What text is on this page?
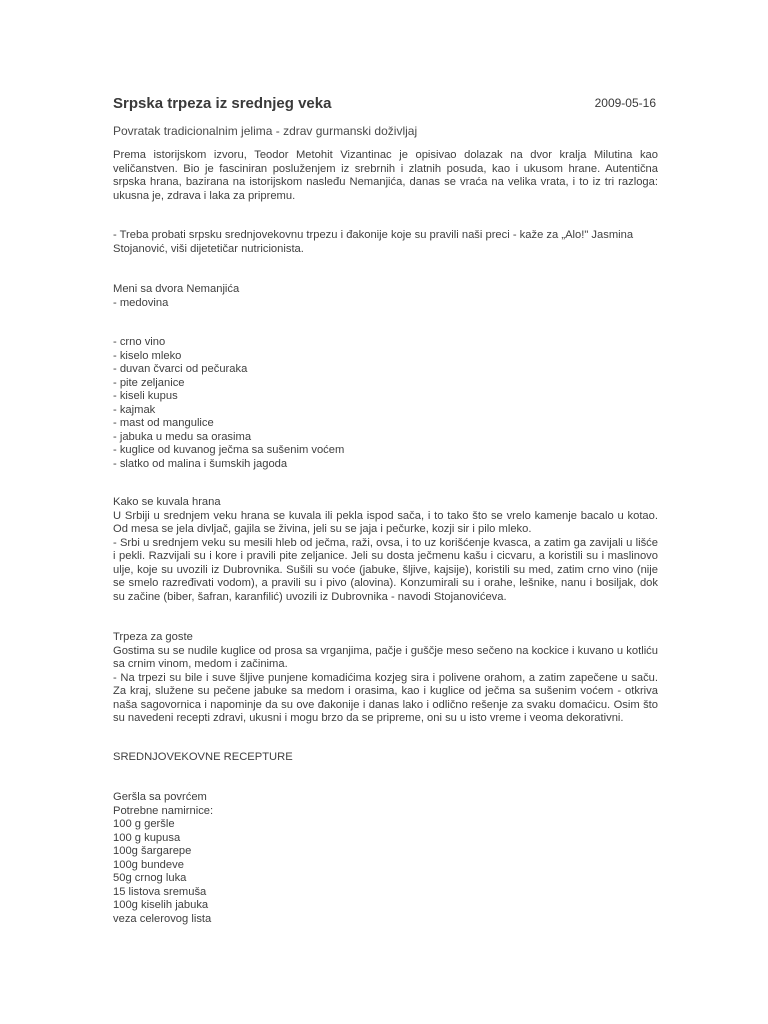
Srpska trpeza iz srednjeg veka	2009-05-16

Povratak tradicionalnim jelima - zdrav gurmanski doživljaj

Prema istorijskom izvoru, Teodor Metohit Vizantinac je opisivao dolazak na dvor kralja Milutina kao veličanstven. Bio je fasciniran posluženjem iz srebrnih i zlatnih posuda, kao i ukusom hrane. Autentična srpska hrana, bazirana na istorijskom nasleđu Nemanjića, danas se vraća na velika vrata, i to iz tri razloga: ukusna je, zdrava i laka za pripremu.

- Treba probati srpsku srednjovekovnu trpezu i đakonije koje su pravili naši preci - kaže za „Alo!" Jasmina Stojanović, viši dijetetičar nutricionista.

Meni sa dvora Nemanjića
- medovina
- crno vino
- kiselo mleko
- duvan čvarci od pečuraka
- pite zeljanice
- kiseli kupus
- kajmak
- mast od mangulice
- jabuka u medu sa orasima
- kuglice od kuvanog ječma sa sušenim voćem
- slatko od malina i šumskih jagoda
Kako se kuvala hrana
U Srbiji u srednjem veku hrana se kuvala ili pekla ispod sača, i to tako što se vrelo kamenje bacalo u kotao. Od mesa se jela divljač, gajila se živina, jeli su se jaja i pečurke, kozji sir i pilo mleko.
- Srbi u srednjem veku su mesili hleb od ječma, raži, ovsa, i to uz korišćenje kvasca, a zatim ga zavijali u lišće i pekli. Razvijali su i kore i pravili pite zeljanice. Jeli su dosta ječmenu kašu i cicvaru, a koristili su i maslinovo ulje, koje su uvozili iz Dubrovnika. Sušili su voće (jabuke, šljive, kajsije), koristili su med, zatim crno vino (nije se smelo razređivati vodom), a pravili su i pivo (alovina). Konzumirali su i orahe, lešnike, nanu i bosiljak, dok su začine (biber, šafran, karanfilić) uvozili iz Dubrovnika - navodi Stojanovićeva.
Trpeza za goste
Gostima su se nudile kuglice od prosa sa vrganjima, pačje i guščje meso sečeno na kockice i kuvano u kotliću sa crnim vinom, medom i začinima.
- Na trpezi su bile i suve šljive punjene komadićima kozjeg sira i polivene orahom, a zatim zapečene u saču. Za kraj, služene su pečene jabuke sa medom i orasima, kao i kuglice od ječma sa sušenim voćem - otkriva naša sagovornica i napominje da su ove đakonije i danas lako i odlično rešenje za svaku domaćicu. Osim što su navedeni recepti zdravi, ukusni i mogu brzo da se pripreme, oni su u isto vreme i veoma dekorativni.
SREDNJOVEKOVNE RECEPTURE
Geršla sa povrćem
Potrebne namirnice:
100 g geršle
100 g kupusa
100g šargarepe
100g bundeve
50g crnog luka
15 listova sremuša
100g kiselih jabuka
veza celerovog lista
